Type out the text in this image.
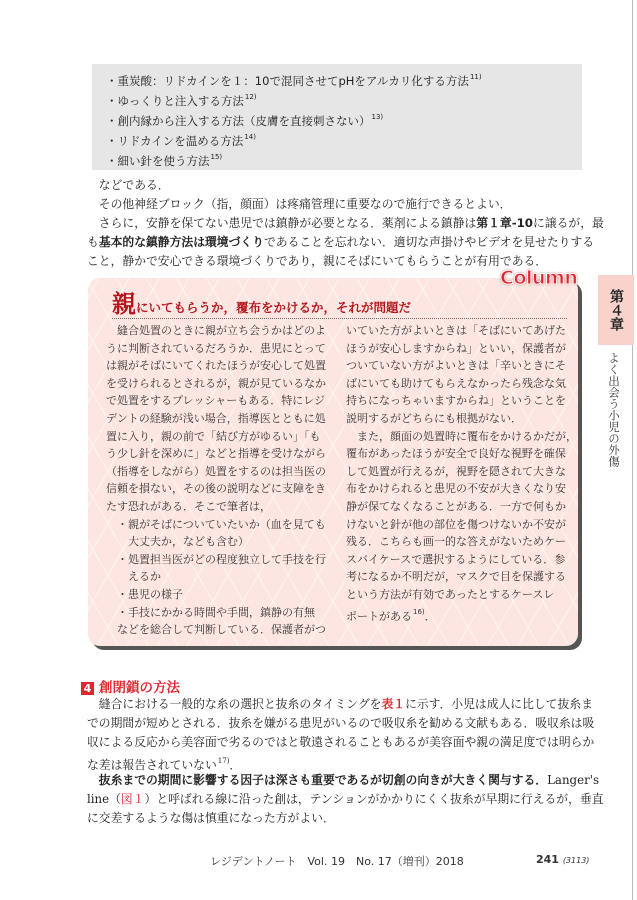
・重炭酸：リドカインを１：10で混同させてpHをアルカリ化する方法$^{11)}$
・ゆっくりと注入する方法$^{12)}$
・創内縁から注入する方法（皮膚を直接刺さない）$^{13)}$
・リドカインを温める方法$^{14)}$
・細い針を使う方法$^{15)}$
　などである．
　その他神経ブロック（指，顔面）は疼痛管理に重要なので施行できるとよい．
　さらに，安静を保てない患児では鎮静が必要となる．薬剤による鎮静は第１章-10に譲るが，最
も基本的な鎮静方法は環境づくりであることを忘れない．適切な声掛けやビデオを見せたりする
こと，静かで安心できる環境づくりであり，親にそばにいてもらうことが有用である．
Column
親にいてもらうか，覆布をかけるか，それが問題だ
　縫合処置のときに親が立ち会うかはどのよ
うに判断されているだろうか．患児にとって
は親がそばにいてくれたほうが安心して処置
を受けられるとされるが，親が見ているなか
で処置をするプレッシャーもある．特にレジ
デントの経験が浅い場合，指導医とともに処
置に入り，親の前で「結び方がゆるい」「も
う少し針を深めに」などと指導を受けながら
（指導をしながら）処置をするのは担当医の
信頼を損ない，その後の説明などに支障をき
たす恐れがある．そこで筆者は，
　・親がそばについていたいか（血を見ても
　　大丈夫か，なども含む）
　・処置担当医がどの程度独立して手技を行
　　えるか
　・患児の様子
　・手技にかかる時間や手間，鎮静の有無
　などを総合して判断している．保護者がつ
いていた方がよいときは「そばにいてあげた
ほうが安心しますからね」といい，保護者が
ついていない方がよいときは「辛いときにそ
ばにいても助けてもらえなかったら残念な気
持ちになっちゃいますからね」ということを
説明するがどちらにも根拠がない．
　また，顔面の処置時に覆布をかけるかだが，
覆布があったほうが安全で良好な視野を確保
して処置が行えるが，視野を隠されて大きな
布をかけられると患児の不安が大きくなり安
静が保てなくなることがある．一方で何もか
けないと針が他の部位を傷つけないか不安が
残る．こちらも画一的な答えがないためケー
スバイケースで選択するようにしている．参
考になるか不明だが，マスクで目を保護する
という方法が有効であったとするケースレ
ポートがある$^{16)}$．
第４章
よく出会う小児の外傷
4 創閉鎖の方法
　縫合における一般的な糸の選択と抜糸のタイミングを表１に示す．小児は成人に比して抜糸ま
での期間が短めとされる．抜糸を嫌がる患児がいるので吸収糸を勧める文献もある．吸収糸は吸
収による反応から美容面で劣るのではと敬遠されることもあるが美容面や親の満足度では明らか
な差は報告されていない$^{17)}$．
　抜糸までの期間に影響する因子は深さも重要であるが切創の向きが大きく関与する．Langer's
line（図１）と呼ばれる線に沿った創は，テンションがかかりにくく抜糸が早期に行えるが，垂直
に交差するような傷は慎重になった方がよい．
レジデントノート　Vol. 19　No. 17（増刊）2018	241 (3113)
